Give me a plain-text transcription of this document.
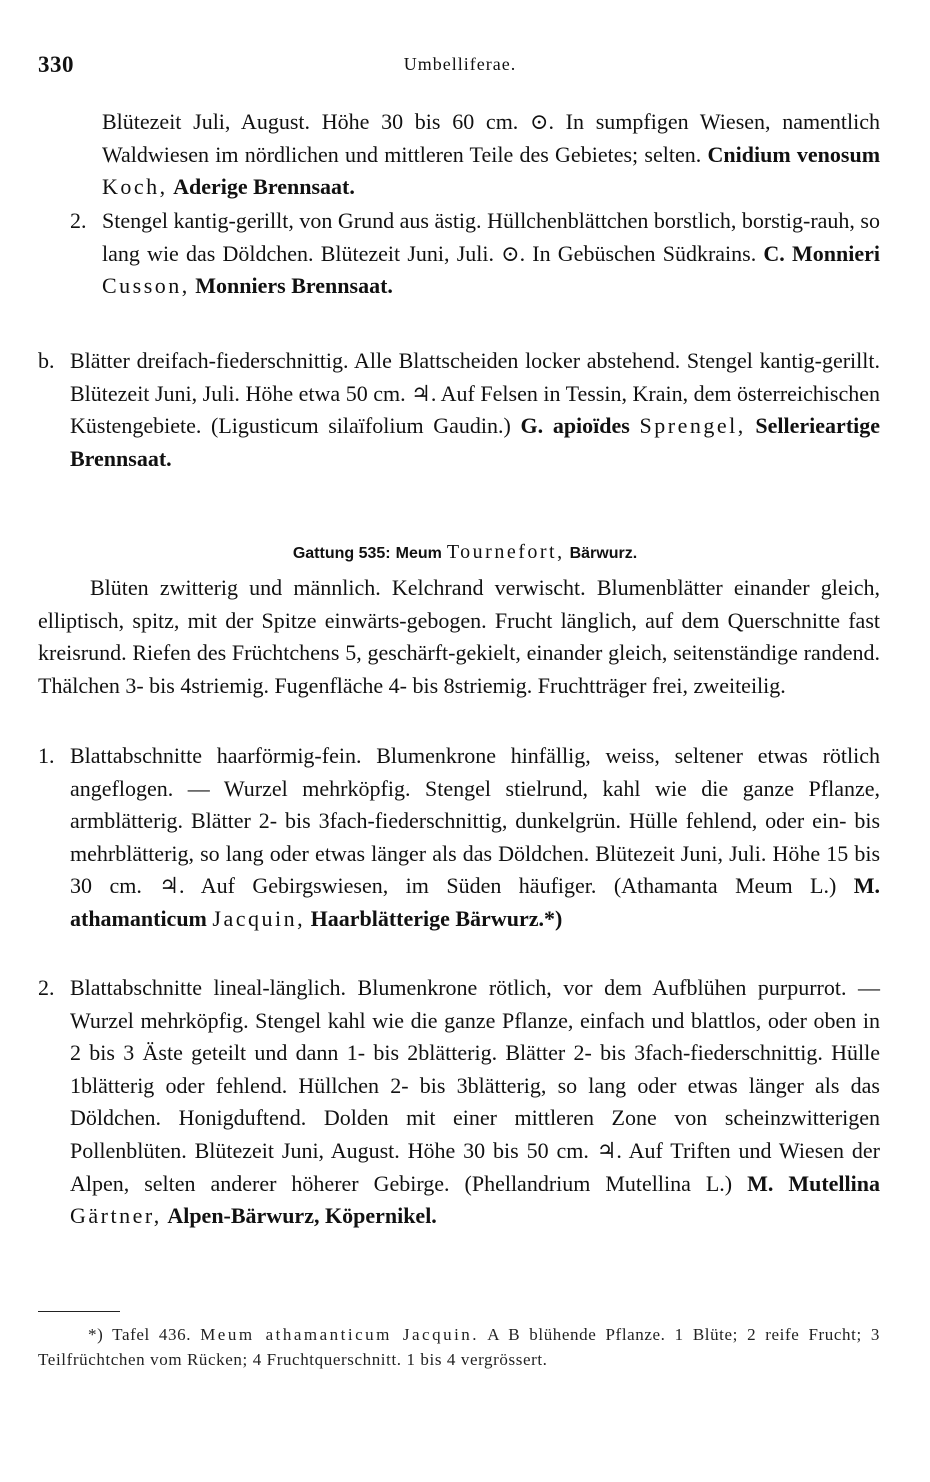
330	Umbelliferae.

Blütezeit Juli, August. Höhe 30 bis 60 cm. ⊙. In sumpfigen Wiesen, namentlich Waldwiesen im nördlichen und mittleren Teile des Gebietes; selten. Cnidium venosum Koch, Aderige Brennsaat.

2. Stengel kantig-gerillt, von Grund aus ästig. Hüllchenblättchen borstlich, borstig-rauh, so lang wie das Döldchen. Blütezeit Juni, Juli. ⊙. In Gebüschen Südkrains. C. Monnieri Cusson, Monniers Brennsaat.

b. Blätter dreifach-fiederschnittig. Alle Blattscheiden locker abstehend. Stengel kantig-gerillt. Blütezeit Juni, Juli. Höhe etwa 50 cm. ♃. Auf Felsen in Tessin, Krain, dem österreichischen Küstengebiete. (Ligusticum silaïfolium Gaudin.) G. apioïdes Sprengel, Sellerieartige Brennsaat.

Gattung 535: Meum Tournefort, Bärwurz.

Blüten zwitterig und männlich. Kelchrand verwischt. Blumenblätter einander gleich, elliptisch, spitz, mit der Spitze einwärts-gebogen. Frucht länglich, auf dem Querschnitte fast kreisrund. Riefen des Früchtchens 5, geschärft-gekielt, einander gleich, seitenständige randend. Thälchen 3- bis 4striemig. Fugenfläche 4- bis 8striemig. Fruchtträger frei, zweiteilig.

1. Blattabschnitte haarförmig-fein. Blumenkrone hinfällig, weiss, seltener etwas rötlich angeflogen. — Wurzel mehrköpfig. Stengel stielrund, kahl wie die ganze Pflanze, armblätterig. Blätter 2- bis 3fach-fiederschnittig, dunkelgrün. Hülle fehlend, oder ein- bis mehrblätterig, so lang oder etwas länger als das Döldchen. Blütezeit Juni, Juli. Höhe 15 bis 30 cm. ♃. Auf Gebirgswiesen, im Süden häufiger. (Athamanta Meum L.) M. athamanticum Jacquin, Haarblätterige Bärwurz.*)

2. Blattabschnitte lineal-länglich. Blumenkrone rötlich, vor dem Aufblühen purpurrot. — Wurzel mehrköpfig. Stengel kahl wie die ganze Pflanze, einfach und blattlos, oder oben in 2 bis 3 Äste geteilt und dann 1- bis 2blätterig. Blätter 2- bis 3fach-fiederschnittig. Hülle 1blätterig oder fehlend. Hüllchen 2- bis 3blätterig, so lang oder etwas länger als das Döldchen. Honigduftend. Dolden mit einer mittleren Zone von scheinzwitterigen Pollenblüten. Blütezeit Juni, August. Höhe 30 bis 50 cm. ♃. Auf Triften und Wiesen der Alpen, selten anderer höherer Gebirge. (Phellandrium Mutellina L.) M. Mutellina Gärtner, Alpen-Bärwurz, Köpernikel.

*) Tafel 436. Meum athamanticum Jacquin. A B blühende Pflanze. 1 Blüte; 2 reife Frucht; 3 Teilfrüchtchen vom Rücken; 4 Fruchtquerschnitt. 1 bis 4 vergrössert.
